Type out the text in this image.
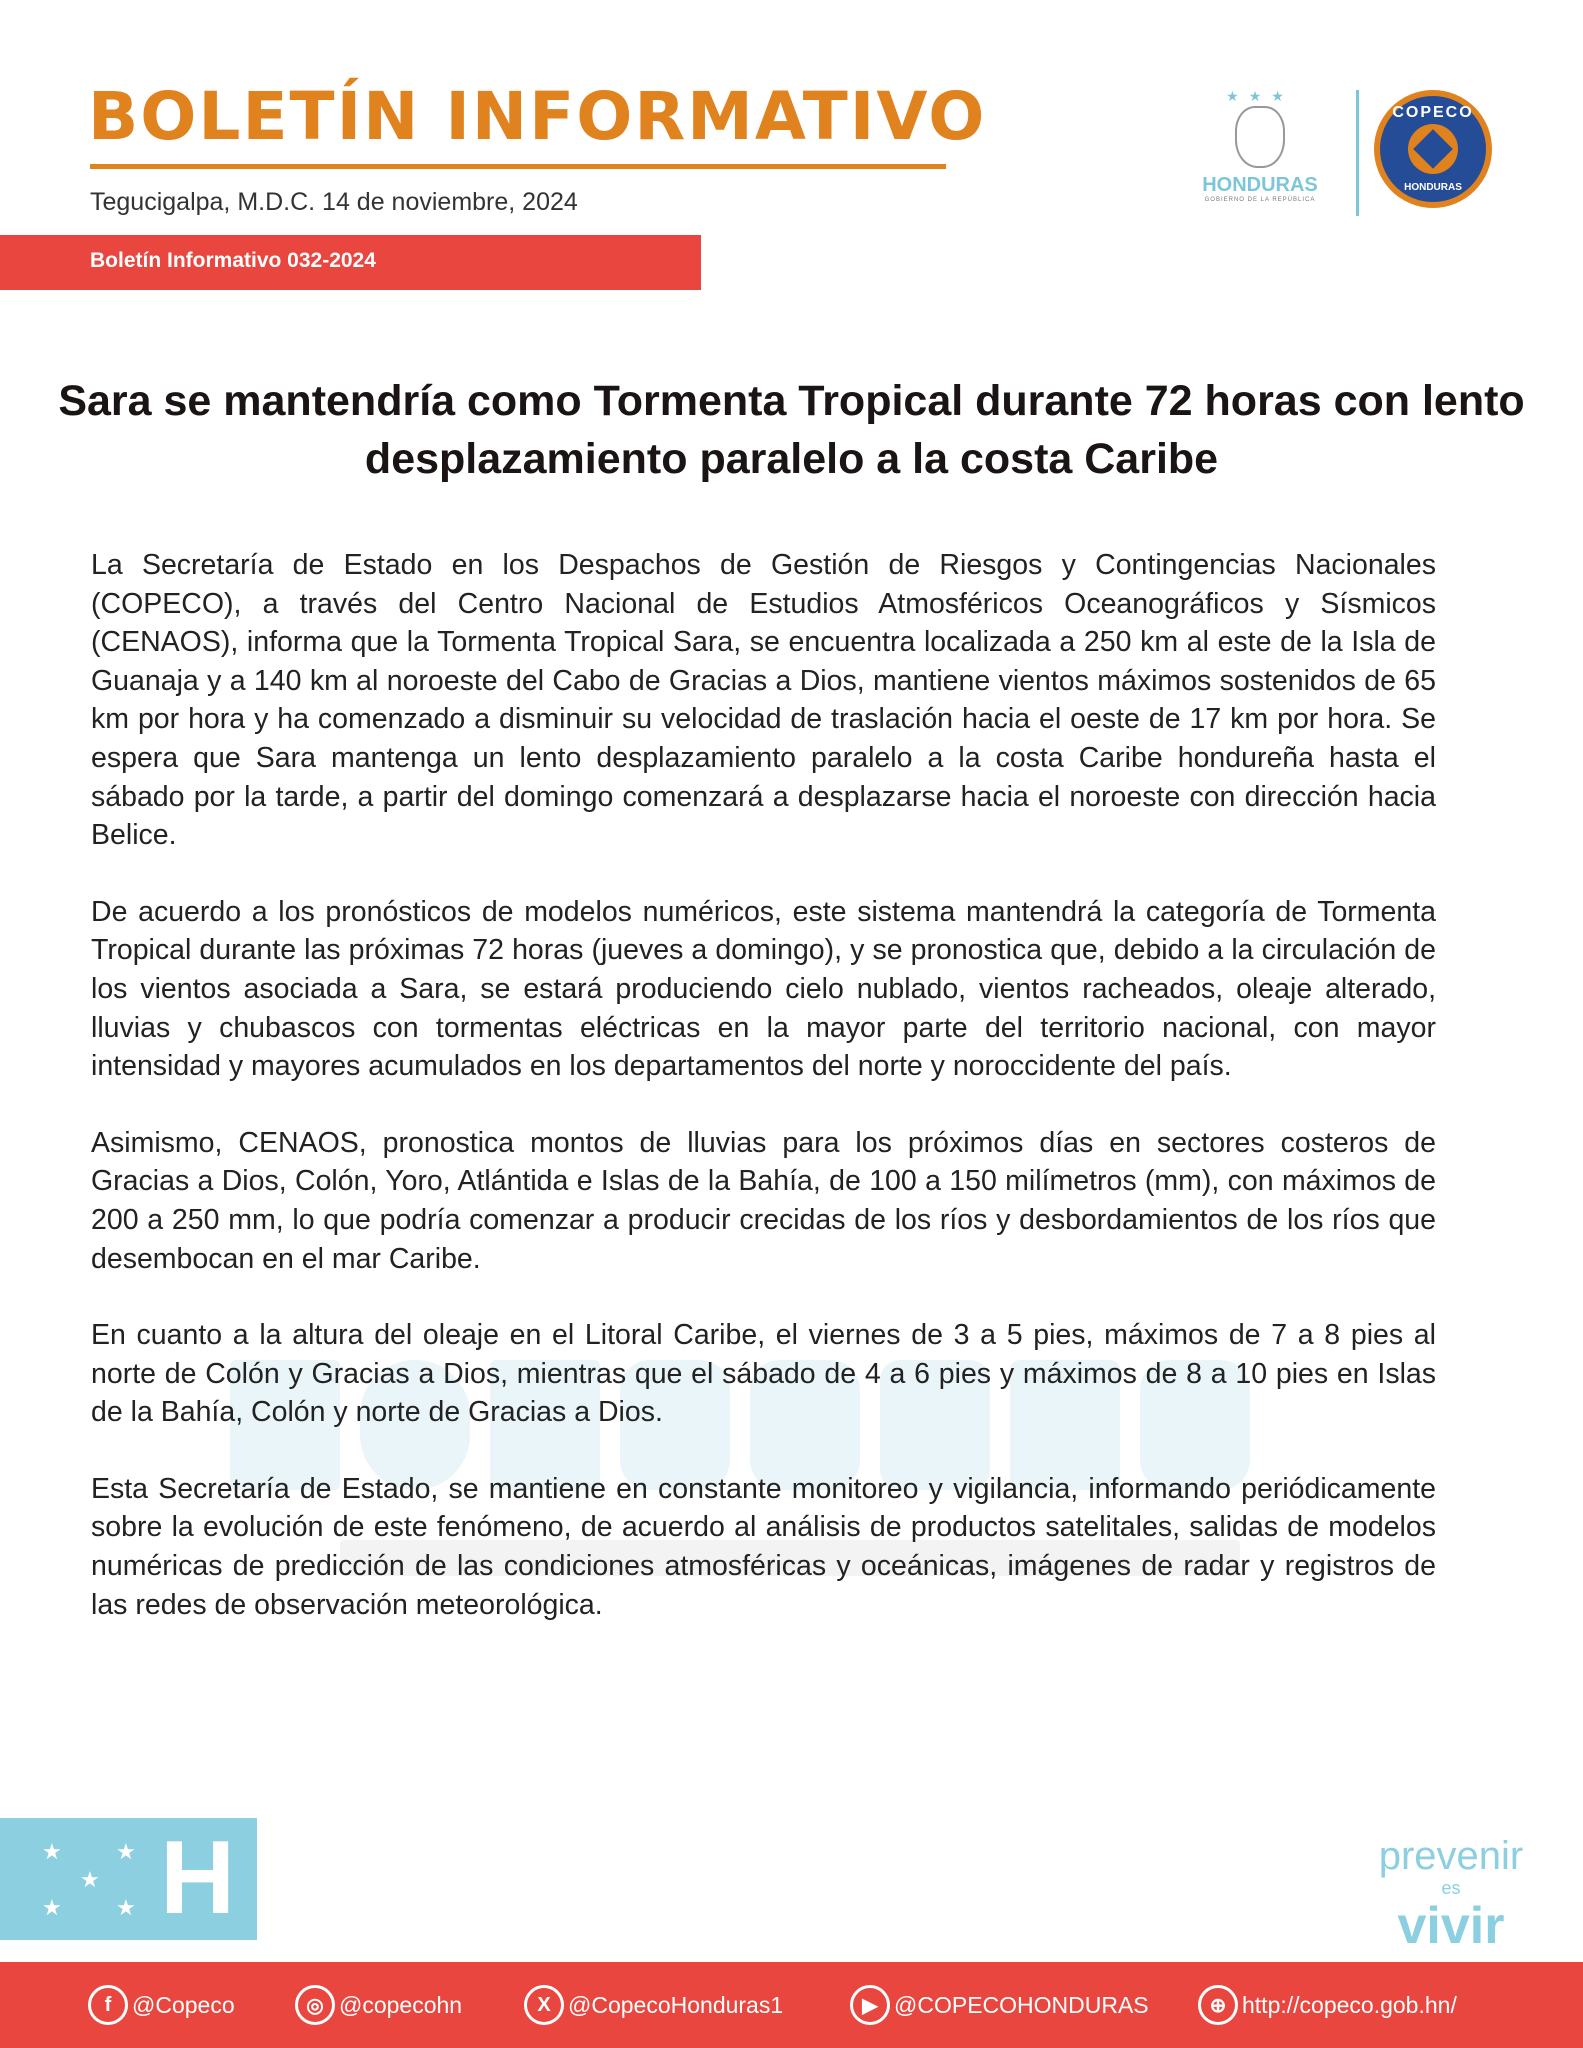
BOLETÍN INFORMATIVO
Tegucigalpa, M.D.C. 14 de noviembre, 2024
Boletín Informativo 032-2024
★★★
HONDURAS
GOBIERNO DE LA REPÚBLICA
COPECO
HONDURAS
Sara se mantendría como Tormenta Tropical durante 72 horas con lento desplazamiento paralelo a la costa Caribe

La Secretaría de Estado en los Despachos de Gestión de Riesgos y Contingencias Nacionales (COPECO), a través del Centro Nacional de Estudios Atmosféricos Oceanográficos y Sísmicos (CENAOS), informa que la Tormenta Tropical Sara, se encuentra localizada a 250 km al este de la Isla de Guanaja y a 140 km al noroeste del Cabo de Gracias a Dios, mantiene vientos máximos sostenidos de 65 km por hora y ha comenzado a disminuir su velocidad de traslación hacia el oeste de 17 km por hora. Se espera que Sara mantenga un lento desplazamiento paralelo a la costa Caribe hondureña hasta el sábado por la tarde, a partir del domingo comenzará a desplazarse hacia el noroeste con dirección hacia Belice.

De acuerdo a los pronósticos de modelos numéricos, este sistema mantendrá la categoría de Tormenta Tropical durante las próximas 72 horas (jueves a domingo), y se pronostica que, debido a la circulación de los vientos asociada a Sara, se estará produciendo cielo nublado, vientos racheados, oleaje alterado, lluvias y chubascos con tormentas eléctricas en la mayor parte del territorio nacional, con mayor intensidad y mayores acumulados en los departamentos del norte y noroccidente del país.

Asimismo, CENAOS, pronostica montos de lluvias para los próximos días en sectores costeros de Gracias a Dios, Colón, Yoro, Atlántida e Islas de la Bahía, de 100 a 150 milímetros (mm), con máximos de 200 a 250 mm, lo que podría comenzar a producir crecidas de los ríos y desbordamientos de los ríos que desembocan en el mar Caribe.

En cuanto a la altura del oleaje en el Litoral Caribe, el viernes de 3 a 5 pies, máximos de 7 a 8 pies al norte de Colón y Gracias a Dios, mientras que el sábado de 4 a 6 pies y máximos de 8 a 10 pies en Islas de la Bahía, Colón y norte de Gracias a Dios.

Esta Secretaría de Estado, se mantiene en constante monitoreo y vigilancia, informando periódicamente sobre la evolución de este fenómeno, de acuerdo al análisis de productos satelitales, salidas de modelos numéricas de predicción de las condiciones atmosféricas y oceánicas, imágenes de radar y registros de las redes de observación meteorológica.

★ ★
★
★ ★ H	prevenir
es
vivir
f @Copeco	◎ @copecohn	X @CopecoHonduras1	▶ @COPECOHONDURAS	⊕ http://copeco.gob.hn/
